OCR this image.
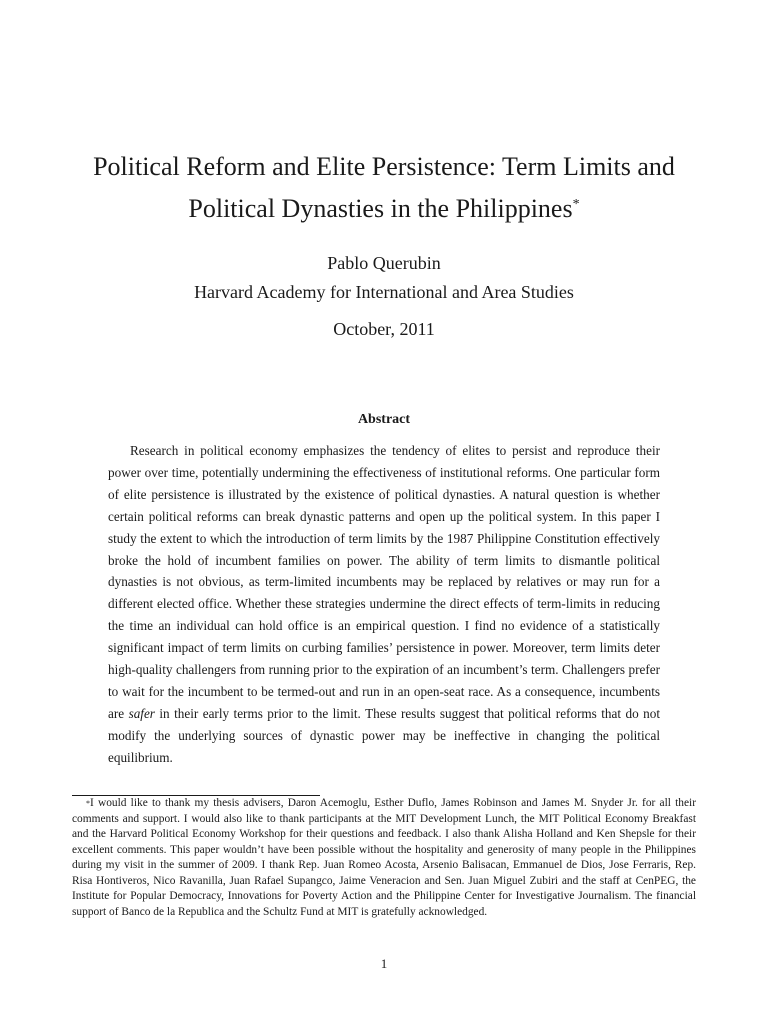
Political Reform and Elite Persistence: Term Limits and
Political Dynasties in the Philippines*
Pablo Querubin
Harvard Academy for International and Area Studies
October, 2011
Abstract

Research in political economy emphasizes the tendency of elites to persist and reproduce their power over time, potentially undermining the effectiveness of institutional reforms. One particular form of elite persistence is illustrated by the existence of political dynasties. A natural question is whether certain political reforms can break dynastic patterns and open up the political system. In this paper I study the extent to which the introduction of term limits by the 1987 Philippine Constitution effectively broke the hold of incumbent families on power. The ability of term limits to dismantle political dynasties is not obvious, as term-limited incumbents may be replaced by relatives or may run for a different elected office. Whether these strategies undermine the direct effects of term-limits in reducing the time an individual can hold office is an empirical question. I find no evidence of a statistically significant impact of term limits on curbing families’ persistence in power. Moreover, term limits deter high-quality challengers from running prior to the expiration of an incumbent’s term. Challengers prefer to wait for the incumbent to be termed-out and run in an open-seat race. As a consequence, incumbents are safer in their early terms prior to the limit. These results suggest that political reforms that do not modify the underlying sources of dynastic power may be ineffective in changing the political equilibrium.

*I would like to thank my thesis advisers, Daron Acemoglu, Esther Duflo, James Robinson and James M. Snyder Jr. for all their comments and support. I would also like to thank participants at the MIT Development Lunch, the MIT Political Economy Breakfast and the Harvard Political Economy Workshop for their questions and feedback. I also thank Alisha Holland and Ken Shepsle for their excellent comments. This paper wouldn’t have been possible without the hospitality and generosity of many people in the Philippines during my visit in the summer of 2009. I thank Rep. Juan Romeo Acosta, Arsenio Balisacan, Emmanuel de Dios, Jose Ferraris, Rep. Risa Hontiveros, Nico Ravanilla, Juan Rafael Supangco, Jaime Veneracion and Sen. Juan Miguel Zubiri and the staff at CenPEG, the Institute for Popular Democracy, Innovations for Poverty Action and the Philippine Center for Investigative Journalism. The financial support of Banco de la Republica and the Schultz Fund at MIT is gratefully acknowledged.

1
